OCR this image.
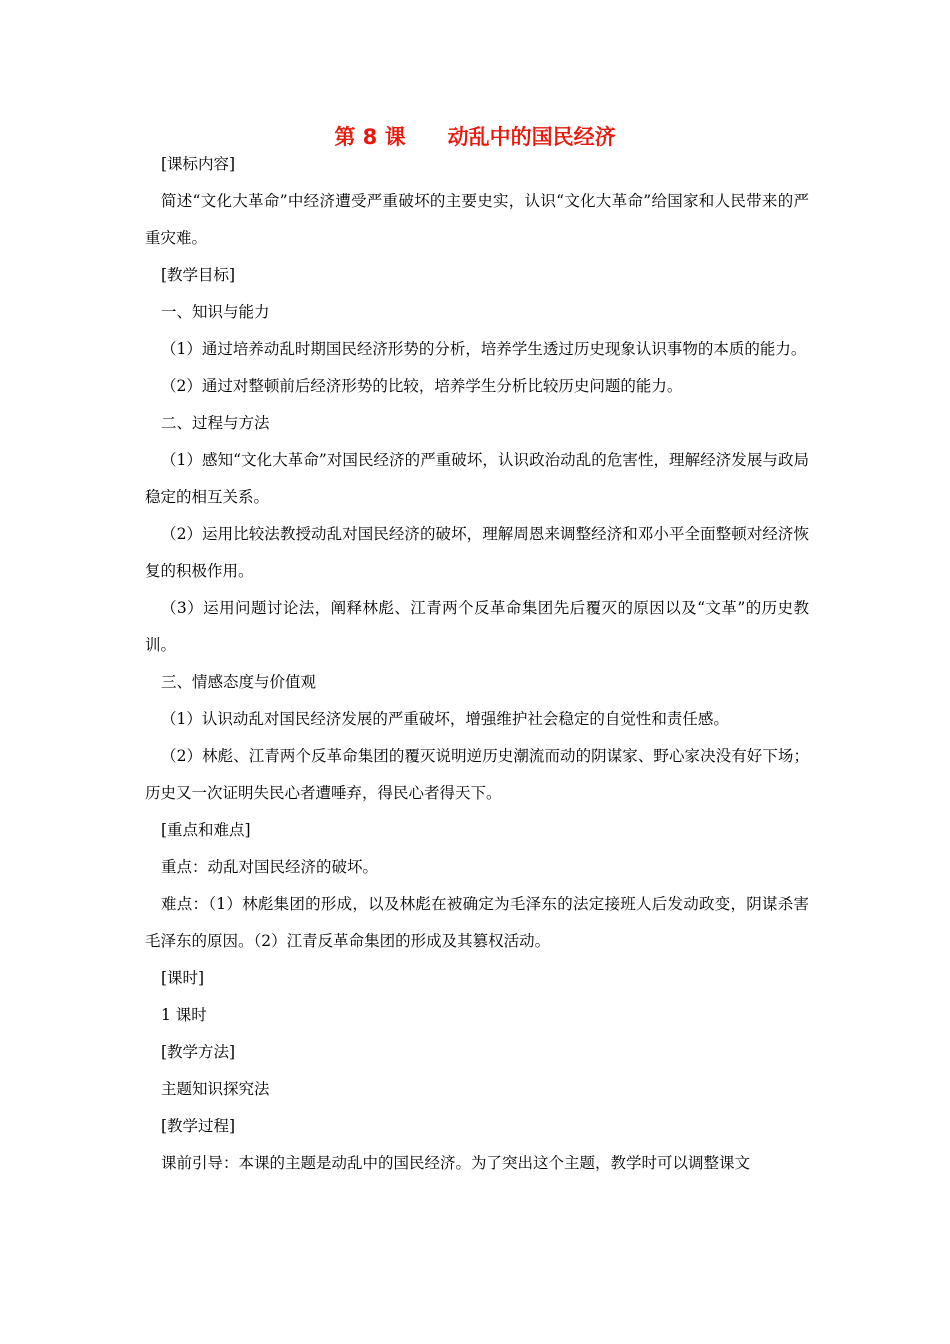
第 8 课 动乱中的国民经济

[课标内容]

简述“文化大革命”中经济遭受严重破坏的主要史实，认识“文化大革命”给国家和人民带来的严重灾难。

[教学目标]

一、知识与能力

（1）通过培养动乱时期国民经济形势的分析，培养学生透过历史现象认识事物的本质的能力。

（2）通过对整顿前后经济形势的比较，培养学生分析比较历史问题的能力。

二、过程与方法

（1）感知“文化大革命”对国民经济的严重破坏，认识政治动乱的危害性，理解经济发展与政局稳定的相互关系。

（2）运用比较法教授动乱对国民经济的破坏，理解周恩来调整经济和邓小平全面整顿对经济恢复的积极作用。

（3）运用问题讨论法，阐释林彪、江青两个反革命集团先后覆灭的原因以及“文革”的历史教训。

三、情感态度与价值观

（1）认识动乱对国民经济发展的严重破坏，增强维护社会稳定的自觉性和责任感。

（2）林彪、江青两个反革命集团的覆灭说明逆历史潮流而动的阴谋家、野心家决没有好下场；历史又一次证明失民心者遭唾弃，得民心者得天下。

[重点和难点]

重点：动乱对国民经济的破坏。

难点：（1）林彪集团的形成，以及林彪在被确定为毛泽东的法定接班人后发动政变，阴谋杀害毛泽东的原因。（2）江青反革命集团的形成及其篡权活动。

[课时]

1 课时

[教学方法]

主题知识探究法

[教学过程]

课前引导：本课的主题是动乱中的国民经济。为了突出这个主题，教学时可以调整课文
